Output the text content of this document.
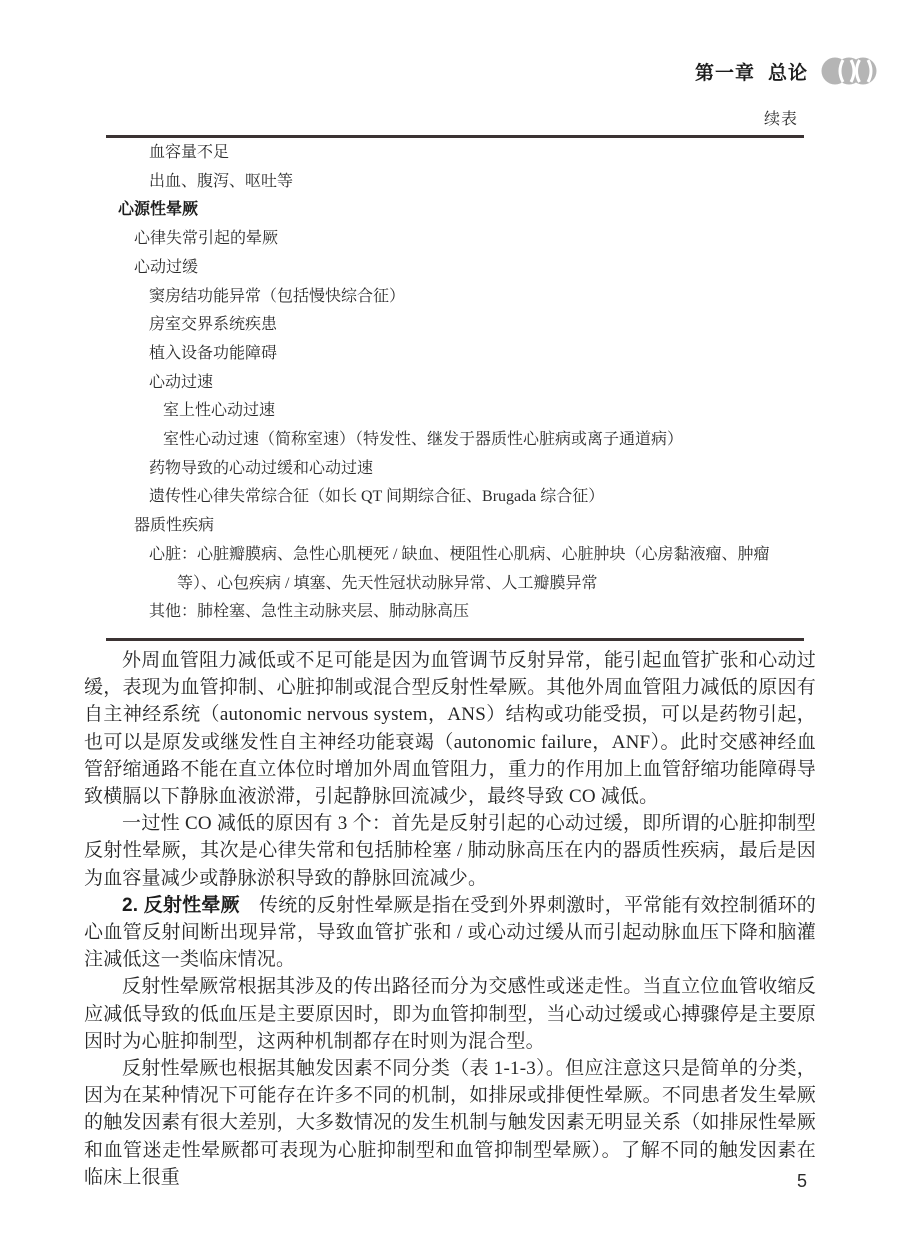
第一章 总论
续表
血容量不足
出血、腹泻、呕吐等
心源性晕厥
心律失常引起的晕厥
心动过缓
窦房结功能异常（包括慢快综合征）
房室交界系统疾患
植入设备功能障碍
心动过速
室上性心动过速
室性心动过速（简称室速）（特发性、继发于器质性心脏病或离子通道病）
药物导致的心动过缓和心动过速
遗传性心律失常综合征（如长 QT 间期综合征、Brugada 综合征）
器质性疾病
心脏：心脏瓣膜病、急性心肌梗死 / 缺血、梗阻性心肌病、心脏肿块（心房黏液瘤、肿瘤等）、心包疾病 / 填塞、先天性冠状动脉异常、人工瓣膜异常
其他：肺栓塞、急性主动脉夹层、肺动脉高压

外周血管阻力减低或不足可能是因为血管调节反射异常，能引起血管扩张和心动过缓，表现为血管抑制、心脏抑制或混合型反射性晕厥。其他外周血管阻力减低的原因有自主神经系统（autonomic nervous system，ANS）结构或功能受损，可以是药物引起，也可以是原发或继发性自主神经功能衰竭（autonomic failure，ANF）。此时交感神经血管舒缩通路不能在直立体位时增加外周血管阻力，重力的作用加上血管舒缩功能障碍导致横膈以下静脉血液淤滞，引起静脉回流减少，最终导致 CO 减低。

一过性 CO 减低的原因有 3 个：首先是反射引起的心动过缓，即所谓的心脏抑制型反射性晕厥，其次是心律失常和包括肺栓塞 / 肺动脉高压在内的器质性疾病，最后是因为血容量减少或静脉淤积导致的静脉回流减少。

2. 反射性晕厥　传统的反射性晕厥是指在受到外界刺激时，平常能有效控制循环的心血管反射间断出现异常，导致血管扩张和 / 或心动过缓从而引起动脉血压下降和脑灌注减低这一类临床情况。

反射性晕厥常根据其涉及的传出路径而分为交感性或迷走性。当直立位血管收缩反应减低导致的低血压是主要原因时，即为血管抑制型，当心动过缓或心搏骤停是主要原因时为心脏抑制型，这两种机制都存在时则为混合型。

反射性晕厥也根据其触发因素不同分类（表 1-1-3）。但应注意这只是简单的分类，因为在某种情况下可能存在许多不同的机制，如排尿或排便性晕厥。不同患者发生晕厥的触发因素有很大差别，大多数情况的发生机制与触发因素无明显关系（如排尿性晕厥和血管迷走性晕厥都可表现为心脏抑制型和血管抑制型晕厥）。了解不同的触发因素在临床上很重	5
